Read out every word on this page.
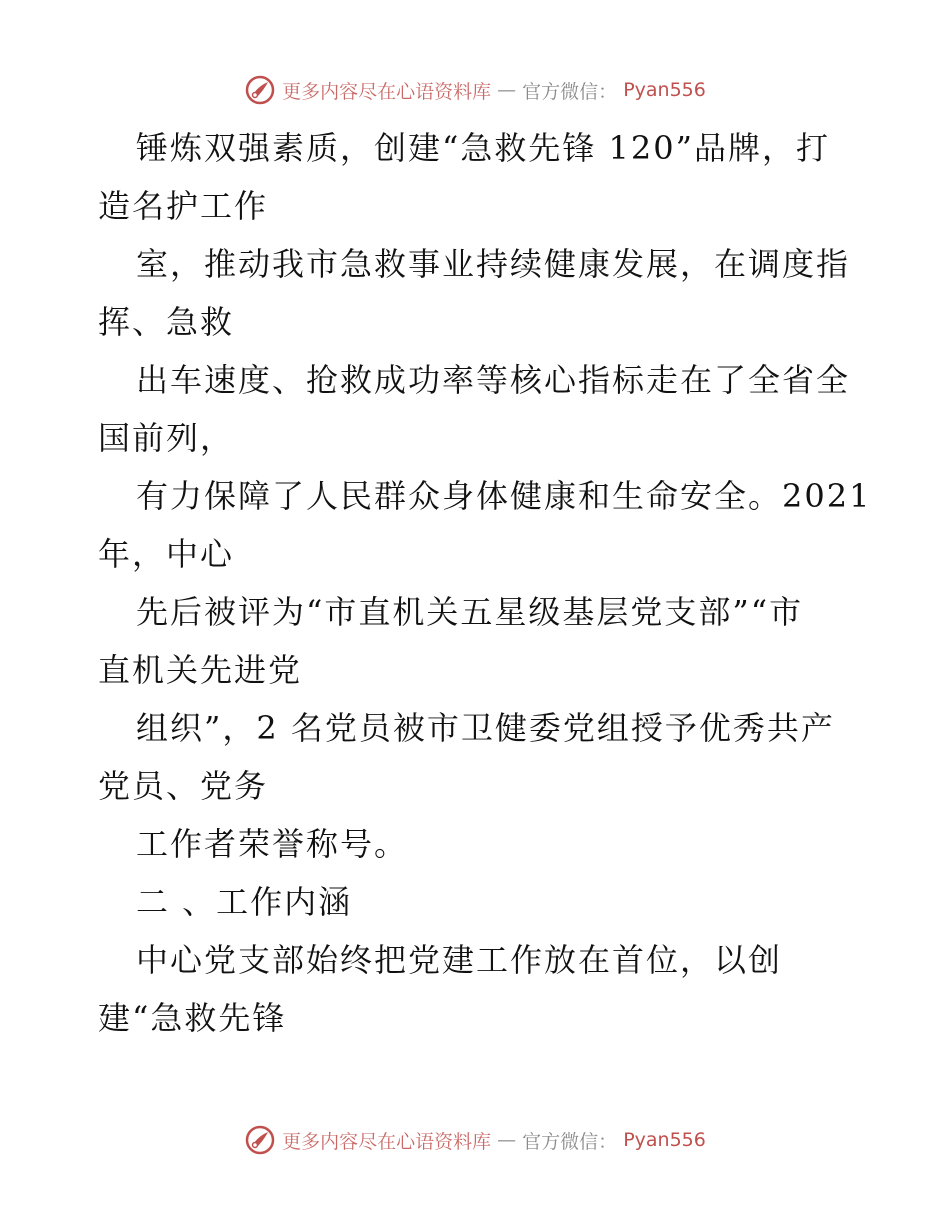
更多内容尽在心语资料库 — 官方微信： Pyan556
锤炼双强素质，创建“急救先锋 120”品牌，打
造名护工作
室，推动我市急救事业持续健康发展，在调度指
挥、急救
出车速度、抢救成功率等核心指标走在了全省全
国前列，
有力保障了人民群众身体健康和生命安全。2021
年，中心
先后被评为“市直机关五星级基层党支部”“市
直机关先进党
组织”，2 名党员被市卫健委党组授予优秀共产
党员、党务
工作者荣誉称号。
二 、工作内涵
中心党支部始终把党建工作放在首位，以创
建“急救先锋
更多内容尽在心语资料库 — 官方微信： Pyan556
